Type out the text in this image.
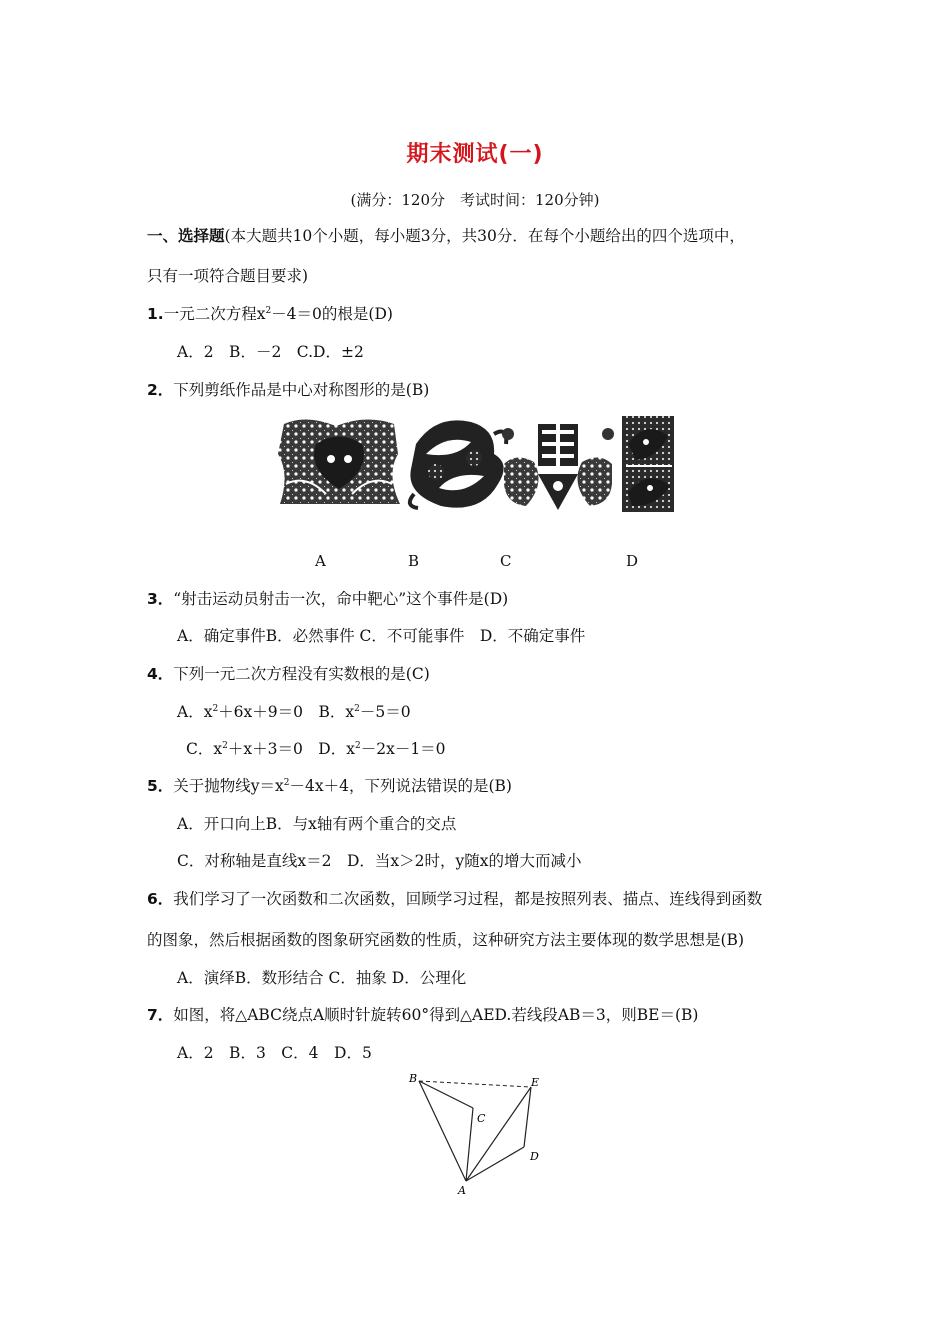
期末测试(一)
(满分：120分　考试时间：120分钟)
一、选择题(本大题共10个小题，每小题3分，共30分．在每个小题给出的四个选项中，
只有一项符合题目要求)
1.一元二次方程$x^2-4=0$的根是(D)
A．2　B．－2　C.D．±2
2．下列剪纸作品是中心对称图形的是(B)
A	B	C	D
3．“射击运动员射击一次，命中靶心”这个事件是(D)
A．确定事件B．必然事件 C．不可能事件　D．不确定事件
4．下列一元二次方程没有实数根的是(C)
A．$x^2+6x+9=0$　B．$x^2-5=0$
C．$x^2+x+3=0$　D．$x^2-2x-1=0$
5．关于抛物线$y=x^2-4x+4$，下列说法错误的是(B)
A．开口向上B．与x轴有两个重合的交点
C．对称轴是直线x＝2　D．当x＞2时，y随x的增大而减小
6．我们学习了一次函数和二次函数，回顾学习过程，都是按照列表、描点、连线得到函数
的图象，然后根据函数的图象研究函数的性质，这种研究方法主要体现的数学思想是(B)
A．演绎B．数形结合 C．抽象 D．公理化
7．如图，将△ABC绕点A顺时针旋转60°得到△AED.若线段AB＝3，则BE＝(B)
A．2　B．3　C．4　D．5
B	E
C
D
A
